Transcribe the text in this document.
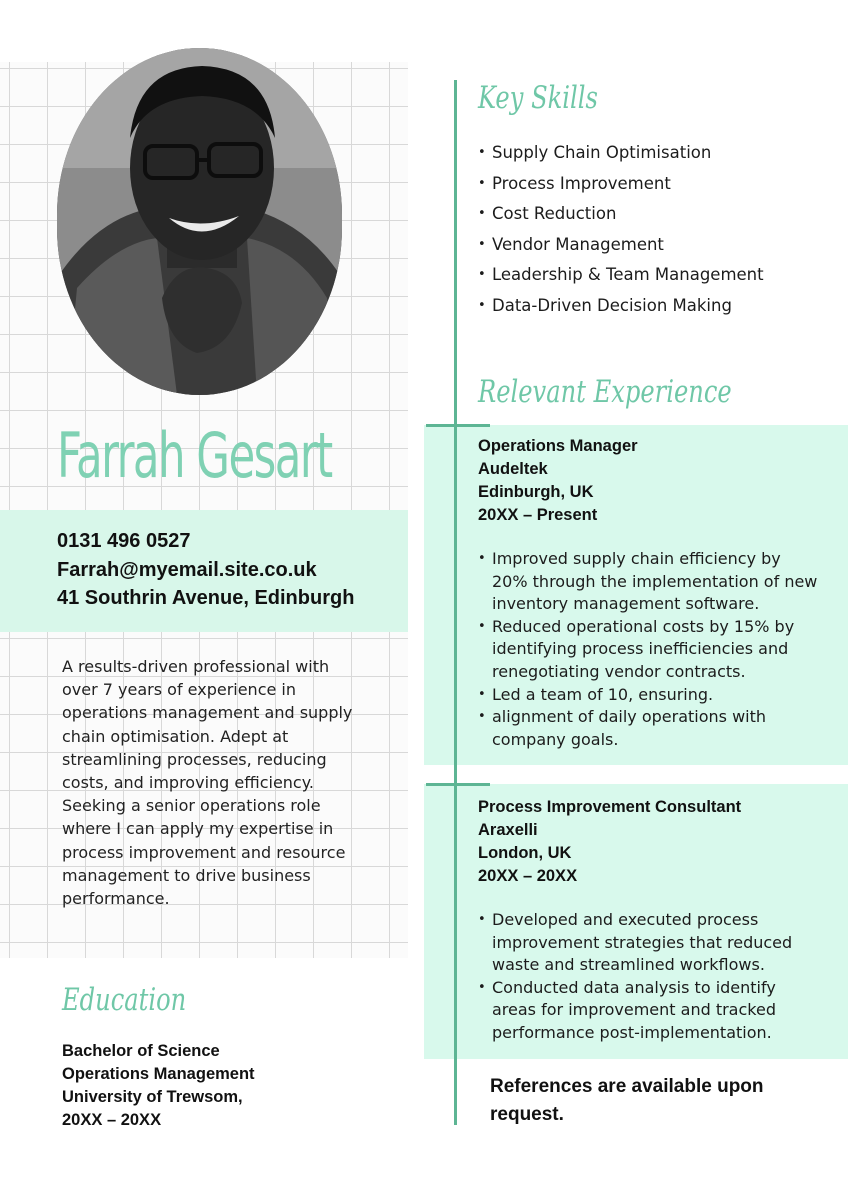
Farrah Gesart
0131 496 0527
Farrah@myemail.site.co.uk
41 Southrin Avenue, Edinburgh
A results-driven professional with over 7 years of experience in operations management and supply chain optimisation. Adept at streamlining processes, reducing costs, and improving efficiency. Seeking a senior operations role where I can apply my expertise in process improvement and resource management to drive business performance.
Education
Bachelor of Science
Operations Management
University of Trewsom,
20XX – 20XX
Key Skills
• Supply Chain Optimisation
• Process Improvement
• Cost Reduction
• Vendor Management
• Leadership & Team Management
• Data-Driven Decision Making
Relevant Experience
Operations Manager
Audeltek
Edinburgh, UK
20XX – Present
• Improved supply chain efficiency by 20% through the implementation of new inventory management software.
• Reduced operational costs by 15% by identifying process inefficiencies and renegotiating vendor contracts.
• Led a team of 10, ensuring.
• alignment of daily operations with company goals.
Process Improvement Consultant
Araxelli
London, UK
20XX – 20XX
• Developed and executed process improvement strategies that reduced waste and streamlined workflows.
• Conducted data analysis to identify areas for improvement and tracked performance post-implementation.
References are available upon request.
